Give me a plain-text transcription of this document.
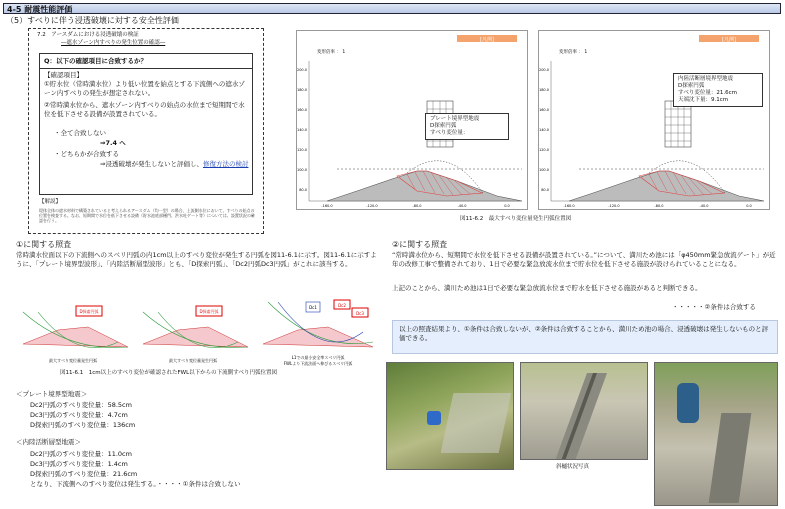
4-5 耐震性能評価
（5）すべりに伴う浸透破壊に対する安全性評価
7.2　アースダムにおける浸透破壊の検証
―遮水ゾーン内すべりの発生位置の確認―
Q：以下の確認項目に合致するか？
【確認項目】
①貯水位（常時満水位）より低い位置を始点とする下流側への遮水ゾーン内すべりの発生が想定されない。
②常時満水位から、遮水ゾーン内すべりの始点の水位まで短期間で水位を低下させる設備が設置されている。
・全て合致しない
⇒7.4 へ
・どちらかが合致する
⇒浸透破壊が発生しないと評価し、修復方法の検討
【解説】
堤体全体の遮水材料で構築されていると考えられるアースダム（均一型）の場合、上流側水位において、すべりの始点の位置を検査する。なお、短期間で水位を低下させる設備（貯水池底部樋門、洪水吐ゲート等）については、設置状況の確認を行う。
[凡例]
変形倍率 ： 1
200.0
180.0
160.0
140.0
120.0
100.0
80.0
-160.0	-120.0	-80.0	-40.0	0.0
プレート境界型地震
D探索円弧
すべり変位量：
[凡例]
変形倍率 ： 1
200.0
180.0
160.0
140.0
120.0
100.0
80.0
-160.0	-120.0	-80.0	-40.0	0.0
内陸活断層境界型地震
D探索円弧
すべり変位量：21.6cm
天端沈下量：9.1cm
図11-6.2　最大すべり変位量発生円弧位置図
①に関する照査
常時満水位面以下の下流側へのスベリ円弧の内1cm以上のすべり変位が発生する円弧を図11-6.1に示す。図11-6.1に示すように、「プレート境界型波形」、「内陸活断層型波形」とも、「D探索円弧」、「Dc2円弧Dc3円弧」がこれに該当する。
D探索円弧
最大すべり変位量発生円弧
D探索円弧
最大すべり変位量発生円弧
Dc1	Dc2
Dc3
L1での最小安全率スベリ円弧
FWLより下流法面へ伸びるスベリ円弧
図11-6.1　1cm以上のすべり変位が確認されたFWL以下からの下流側すべり円弧位置図
＜プレート境界型地震＞
Dc2円弧のすべり変位量：58.5cm
Dc3円弧のすべり変位量：4.7cm
D探索円弧のすべり変位量：136cm
＜内陸活断層型地震＞
Dc2円弧のすべり変位量：11.0cm
Dc3円弧のすべり変位量：1.4cm
D探索円弧のすべり変位量：21.6cm
となり、下流側へのすべり変位は発生する。・・・・①条件は合致しない
②に関する照査
“常時満水位から、短期間で水位を低下させる設備が設置されている。”について、満川ため池には「φ450mm緊急放流ゲート」が近年の改修工事で整備されており、1日で必要な緊急放流水位まで貯水位を低下させる施設が設けられていることになる。
上記のことから、満川ため池は1日で必要な緊急放流水位まで貯水を低下させる施設があると判断できる。
・・・・・②条件は合致する
以上の照査結果より、①条件は合致しないが、②条件は合致することから、満川ため池の場合、浸透破壊は発生しないものと評価できる。
斜樋状況写真
